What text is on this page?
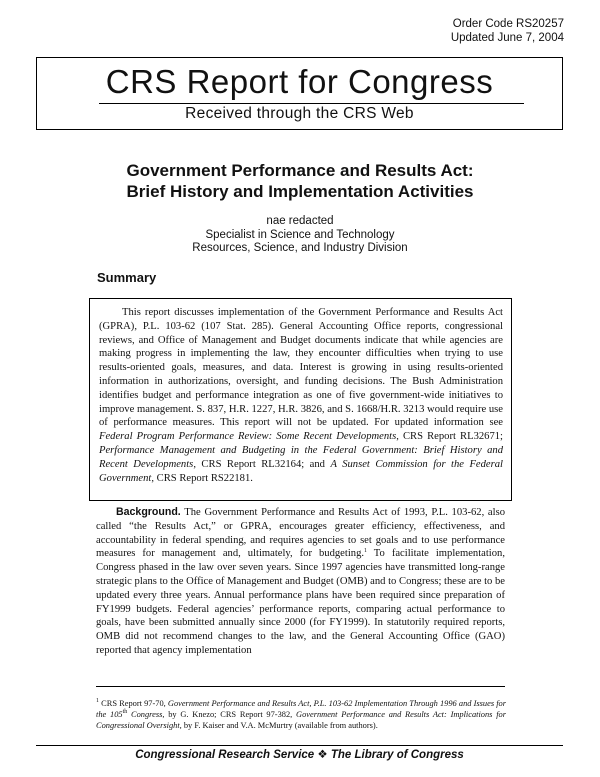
Order Code RS20257
Updated June 7, 2004
CRS Report for Congress
Received through the CRS Web
Government Performance and Results Act:
Brief History and Implementation Activities
nae redacted
Specialist in Science and Technology
Resources, Science, and Industry Division
Summary

This report discusses implementation of the Government Performance and Results Act (GPRA), P.L. 103-62 (107 Stat. 285). General Accounting Office reports, congressional reviews, and Office of Management and Budget documents indicate that while agencies are making progress in implementing the law, they encounter difficulties when trying to use results-oriented goals, measures, and data. Interest is growing in using results-oriented information in authorizations, oversight, and funding decisions. The Bush Administration identifies budget and performance integration as one of five government-wide initiatives to improve management. S. 837, H.R. 1227, H.R. 3826, and S. 1668/H.R. 3213 would require use of performance measures. This report will not be updated. For updated information see Federal Program Performance Review: Some Recent Developments, CRS Report RL32671; Performance Management and Budgeting in the Federal Government: Brief History and Recent Developments, CRS Report RL32164; and A Sunset Commission for the Federal Government, CRS Report RS22181.

Background. The Government Performance and Results Act of 1993, P.L. 103-62, also called “the Results Act,” or GPRA, encourages greater efficiency, effectiveness, and accountability in federal spending, and requires agencies to set goals and to use performance measures for management and, ultimately, for budgeting.$^1$ To facilitate implementation, Congress phased in the law over seven years. Since 1997 agencies have transmitted long-range strategic plans to the Office of Management and Budget (OMB) and to Congress; these are to be updated every three years. Annual performance plans have been required since preparation of FY1999 budgets. Federal agencies’ performance reports, comparing actual performance to goals, have been submitted annually since 2000 (for FY1999). In statutorily required reports, OMB did not recommend changes to the law, and the General Accounting Office (GAO) reported that agency implementation

$^1$ CRS Report 97-70, Government Performance and Results Act, P.L. 103-62 Implementation Through 1996 and Issues for the 105th Congress, by G. Knezo; CRS Report 97-382, Government Performance and Results Act: Implications for Congressional Oversight, by F. Kaiser and V.A. McMurtry (available from authors).
Congressional Research Service ❖ The Library of Congress
